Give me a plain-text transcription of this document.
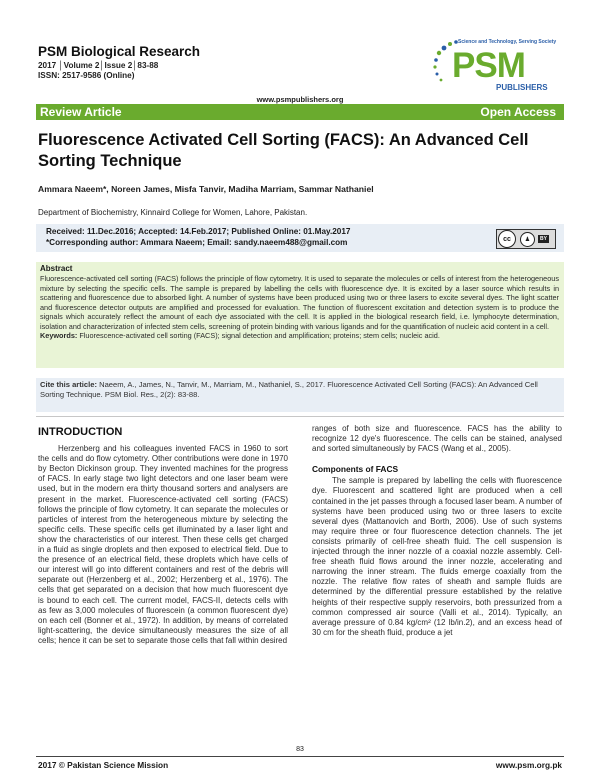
PSM Biological Research
2017 │Volume 2│Issue 2│83-88
ISSN: 2517-9586 (Online)
Science and Technology, Serving Society
PSM
PUBLISHERS
www.psmpublishers.org
Review Article	Open Access
Fluorescence Activated Cell Sorting (FACS): An Advanced Cell Sorting Technique
Ammara Naeem*, Noreen James, Misfa Tanvir, Madiha Marriam, Sammar Nathaniel
Department of Biochemistry, Kinnaird College for Women, Lahore, Pakistan.
Received: 11.Dec.2016; Accepted: 14.Feb.2017; Published Online: 01.May.2017
*Corresponding author: Ammara Naeem; Email: sandy.naeem488@gmail.com	cc	♟	BY
Abstract
Fluorescence-activated cell sorting (FACS) follows the principle of flow cytometry. It is used to separate the molecules or cells of interest from the heterogeneous mixture by selecting the specific cells. The sample is prepared by labelling the cells with fluorescence dye. It is excited by a laser source which results in scattering and fluorescence due to absorbed light. A number of systems have been produced using two or three lasers to excite several dyes. The light scatter and fluorescence detector outputs are amplified and processed for evaluation. The function of fluorescent excitation and detection system is to produce the signals which accurately reflect the amount of each dye associated with the cell. It is applied in the biological research field, i.e. lymphocyte determination, isolation and characterization of infected stem cells, screening of protein binding with various ligands and for the quantification of nucleic acid content in a cell.
Keywords: Fluorescence-activated cell sorting (FACS); signal detection and amplification; proteins; stem cells; nucleic acid.
Cite this article: Naeem, A., James, N., Tanvir, M., Marriam, M., Nathaniel, S., 2017. Fluorescence Activated Cell Sorting (FACS): An Advanced Cell Sorting Technique. PSM Biol. Res., 2(2): 83-88.
INTRODUCTION

Herzenberg and his colleagues invented FACS in 1960 to sort the cells and do flow cytometry. Other contributions were done in 1970 by Becton Dickinson group. They invented machines for the progress of FACS. In early stage two light detectors and one laser beam were used, but in the modern era thirty thousand sorters and analysers are present in the market. Fluorescence-activated cell sorting (FACS) follows the principle of flow cytometry. It can separate the molecules or particles of interest from the heterogeneous mixture by selecting the specific cells. These specific cells get illuminated by a laser light and show the characteristics of our interest. Then these cells get charged in a fluid as single droplets and then exposed to electrical field. Due to the presence of an electrical field, these droplets which have cells of our interest will go into different containers and rest of the debris will separate out (Herzenberg et al., 2002; Herzenberg et al., 1976). The cells that get separated on a decision that how much fluorescent dye is bound to each cell. The current model, FACS-II, detects cells with as few as 3,000 molecules of fluorescein (a common fluorescent dye) on each cell (Bonner et al., 1972). In addition, by means of correlated light-scattering, the device simultaneously measures the size of all cells; hence it can be set to separate those cells that fall within desired

ranges of both size and fluorescence. FACS has the ability to recognize 12 dye's fluorescence. The cells can be stained, analysed and sorted simultaneously by FACS (Wang et al., 2005).

Components of FACS

The sample is prepared by labelling the cells with fluorescence dye. Fluorescent and scattered light are produced when a cell contained in the jet passes through a focused laser beam. A number of systems have been produced using two or three lasers to excite several dyes (Mattanovich and Borth, 2006). Use of such systems may require three or four fluorescence detection channels. The jet consists primarily of cell-free sheath fluid. The cell suspension is injected through the inner nozzle of a coaxial nozzle assembly. Cell-free sheath fluid flows around the inner nozzle, accelerating and narrowing the inner stream. The fluids emerge coaxially from the nozzle. The relative flow rates of sheath and sample fluids are determined by the differential pressure established by the relative heights of their respective supply reservoirs, both pressurized from a common compressed air source (Valli et al., 2014). Typically, an average pressure of 0.84 kg/cm² (12 lb/in.2), and an excess head of 30 cm for the sheath fluid, produce a jet

83
2017 © Pakistan Science Mission	www.psm.org.pk
